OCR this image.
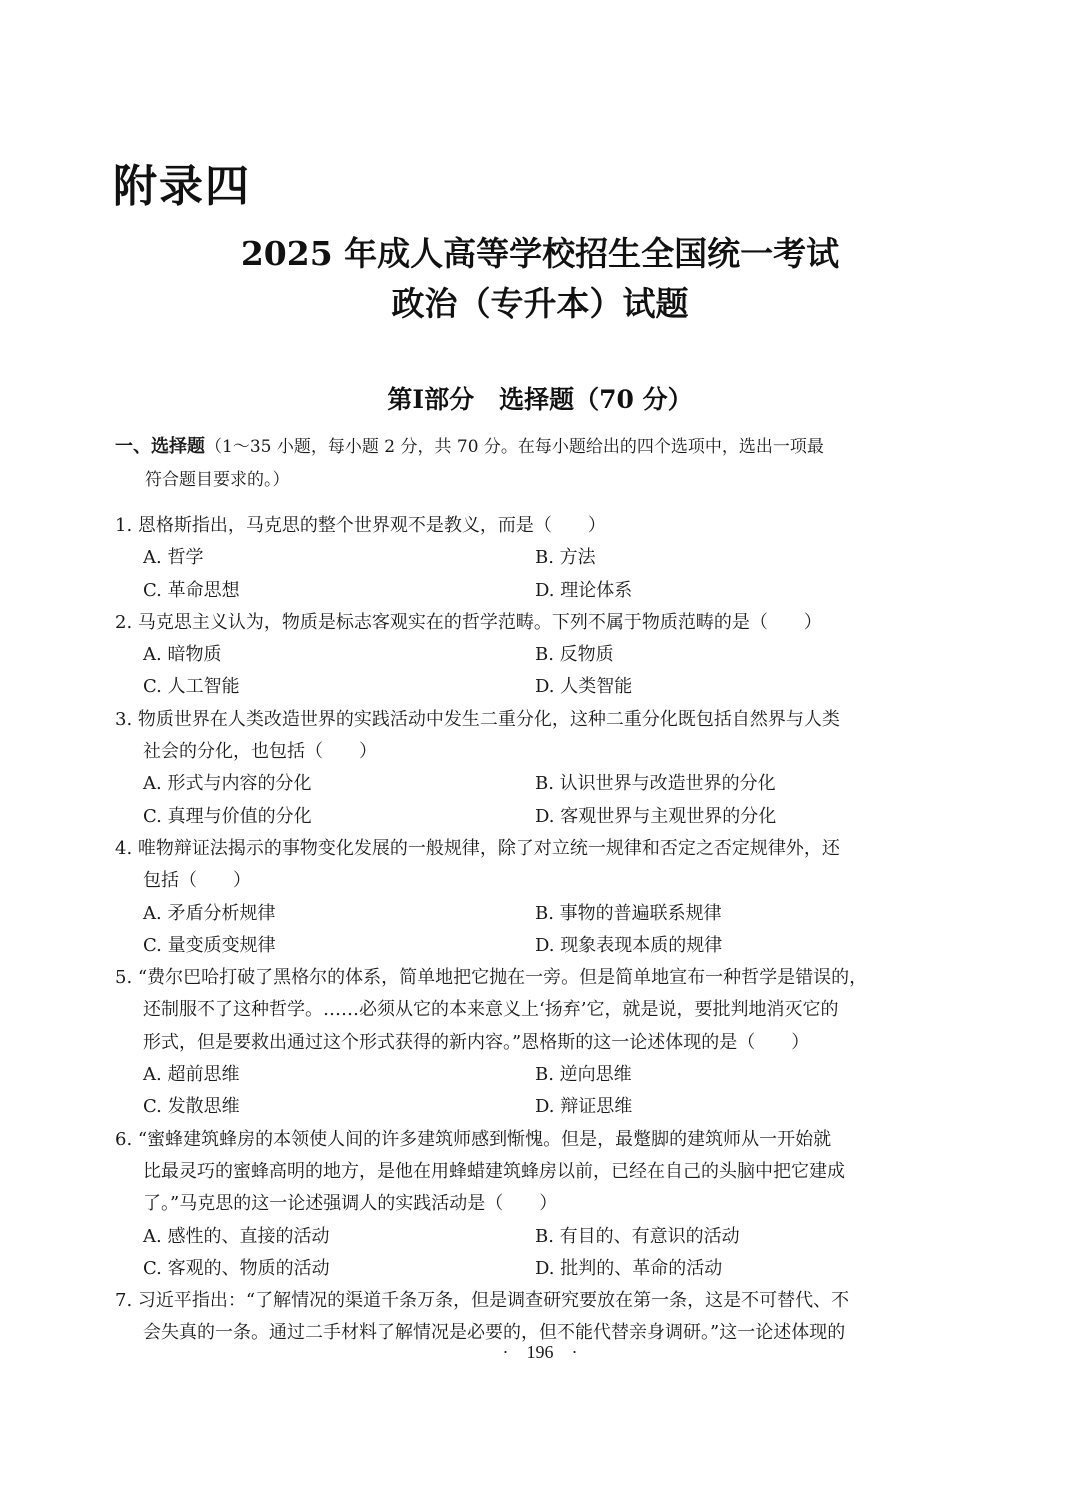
附录四
2025 年成人高等学校招生全国统一考试
政治（专升本）试题
第Ⅰ部分　选择题（70 分）
一、选择题（1～35 小题，每小题 2 分，共 70 分。在每小题给出的四个选项中，选出一项最
符合题目要求的。）
1. 恩格斯指出，马克思的整个世界观不是教义，而是（　　）
A. 哲学	B. 方法
C. 革命思想	D. 理论体系
2. 马克思主义认为，物质是标志客观实在的哲学范畴。下列不属于物质范畴的是（　　）
A. 暗物质	B. 反物质
C. 人工智能	D. 人类智能
3. 物质世界在人类改造世界的实践活动中发生二重分化，这种二重分化既包括自然界与人类
社会的分化，也包括（　　）
A. 形式与内容的分化	B. 认识世界与改造世界的分化
C. 真理与价值的分化	D. 客观世界与主观世界的分化
4. 唯物辩证法揭示的事物变化发展的一般规律，除了对立统一规律和否定之否定规律外，还
包括（　　）
A. 矛盾分析规律	B. 事物的普遍联系规律
C. 量变质变规律	D. 现象表现本质的规律
5. “费尔巴哈打破了黑格尔的体系，简单地把它抛在一旁。但是简单地宣布一种哲学是错误的，
还制服不了这种哲学。……必须从它的本来意义上‘扬弃’它，就是说，要批判地消灭它的
形式，但是要救出通过这个形式获得的新内容。”恩格斯的这一论述体现的是（　　）
A. 超前思维	B. 逆向思维
C. 发散思维	D. 辩证思维
6. “蜜蜂建筑蜂房的本领使人间的许多建筑师感到惭愧。但是，最蹩脚的建筑师从一开始就
比最灵巧的蜜蜂高明的地方，是他在用蜂蜡建筑蜂房以前，已经在自己的头脑中把它建成
了。”马克思的这一论述强调人的实践活动是（　　）
A. 感性的、直接的活动	B. 有目的、有意识的活动
C. 客观的、物质的活动	D. 批判的、革命的活动
7. 习近平指出：“了解情况的渠道千条万条，但是调查研究要放在第一条，这是不可替代、不
会失真的一条。通过二手材料了解情况是必要的，但不能代替亲身调研。”这一论述体现的
·　196　·
